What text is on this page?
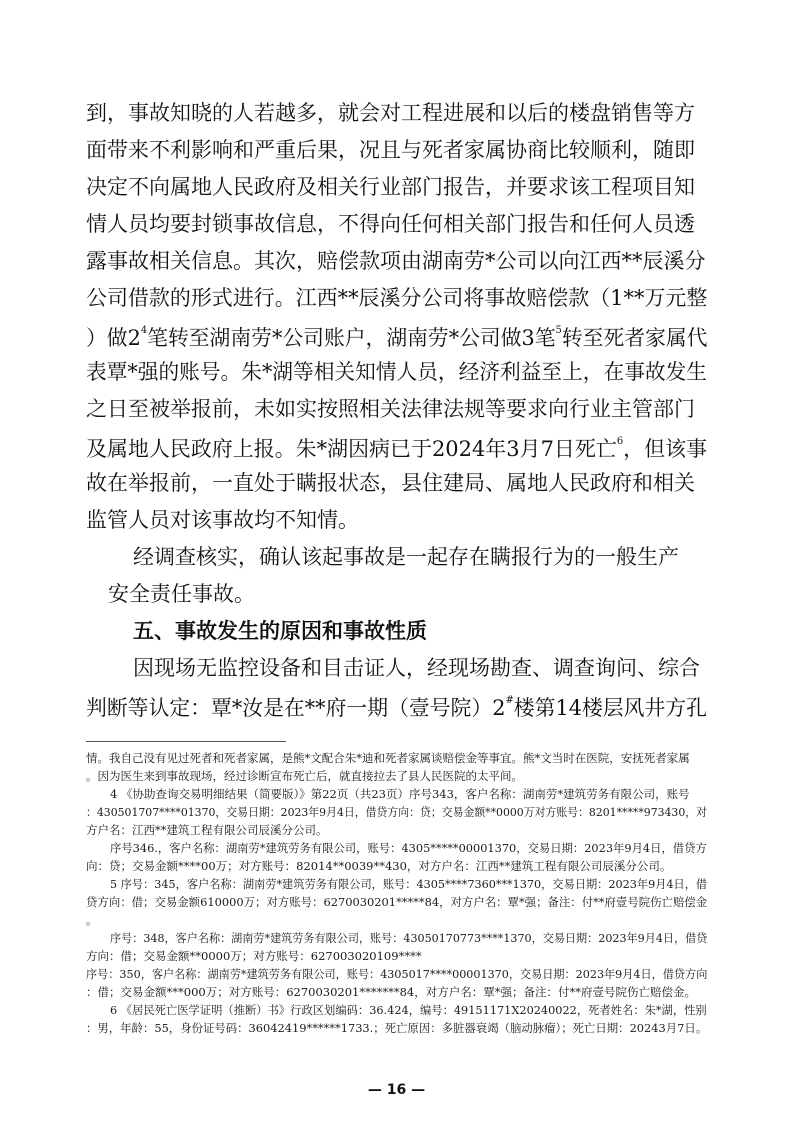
到，事故知晓的人若越多，就会对工程进展和以后的楼盘销售等方
面带来不利影响和严重后果，况且与死者家属协商比较顺利，随即
决定不向属地人民政府及相关行业部门报告，并要求该工程项目知
情人员均要封锁事故信息，不得向任何相关部门报告和任何人员透
露事故相关信息。其次，赔偿款项由湖南劳*公司以向江西**辰溪分
公司借款的形式进行。江西**辰溪分公司将事故赔偿款（1**万元整
）做$2^4$笔转至湖南劳*公司账户，湖南劳*公司做3笔$^5$转至死者家属代
表覃*强的账号。朱*湖等相关知情人员，经济利益至上，在事故发生
之日至被举报前，未如实按照相关法律法规等要求向行业主管部门
及属地人民政府上报。朱*湖因病已于2024年3月7日死亡$^6$，但该事
故在举报前，一直处于瞒报状态，县住建局、属地人民政府和相关
监管人员对该事故均不知情。
经调查核实，确认该起事故是一起存在瞒报行为的一般生产
安全责任事故。
五、事故发生的原因和事故性质
因现场无监控设备和目击证人，经现场勘查、调查询问、综合
判断等认定：覃*汝是在**府一期（壹号院）2#楼第14楼层风井方孔
情。我自己没有见过死者和死者家属，是熊*文配合朱*迪和死者家属谈赔偿金等事宜。熊*文当时在医院，安抚死者家属
。因为医生来到事故现场，经过诊断宣布死亡后，就直接拉去了县人民医院的太平间。
4 《协助查询交易明细结果（简要版）》第22页（共23页）序号343，客户名称：湖南劳*建筑劳务有限公司，账号
：430501707****01370，交易日期：2023年9月4日，借贷方向：贷；交易金额**0000万对方账号：8201*****973430，对
方户名：江西**建筑工程有限公司辰溪分公司。
序号346.，客户名称：湖南劳*建筑劳务有限公司，账号：4305*****00001370，交易日期：2023年9月4日，借贷方
向：贷；交易金额****00万；对方账号：82014**0039**430，对方户名：江西**建筑工程有限公司辰溪分公司。
5 序号：345，客户名称：湖南劳*建筑劳务有限公司，账号：4305****7360***1370，交易日期：2023年9月4日，借
贷方向：借；交易金额610000万；对方账号：6270030201*****84，对方户名：覃*强；备注：付**府壹号院伤亡赔偿金
。
序号：348，客户名称：湖南劳*建筑劳务有限公司，账号：43050170773****1370，交易日期：2023年9月4日，借贷
方向：借；交易金额**0000万；对方账号：627003020109****
序号：350，客户名称：湖南劳*建筑劳务有限公司，账号：4305017****00001370，交易日期：2023年9月4日，借贷方向
：借；交易金额***000万；对方账号：6270030201*******84，对方户名：覃*强；备注：付**府壹号院伤亡赔偿金。
6 《居民死亡医学证明（推断）书》行政区划编码：36.424，编号：49151171X20240022，死者姓名：朱*湖，性别
：男，年龄：55，身份证号码：36042419******1733.；死亡原因：多脏器衰竭（脑动脉瘤）；死亡日期：20243月7日。
— 16 —
